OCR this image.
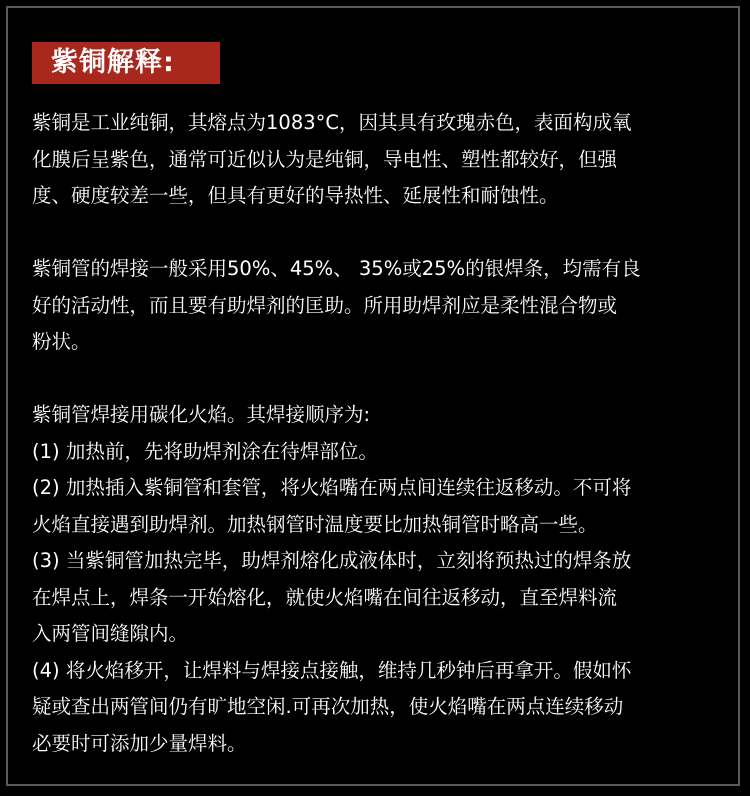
紫铜解释:
紫铜是工业纯铜，其熔点为1083°C，因其具有玫瑰赤色，表面构成氧
化膜后呈紫色，通常可近似认为是纯铜，导电性、塑性都较好，但强
度、硬度较差一些，但具有更好的导热性、延展性和耐蚀性。
紫铜管的焊接一般采用50%、45%、 35%或25%的银焊条，均需有良
好的活动性，而且要有助焊剂的匡助。所用助焊剂应是柔性混合物或
粉状。
紫铜管焊接用碳化火焰。其焊接顺序为:
(1) 加热前，先将助焊剂涂在待焊部位。
(2) 加热插入紫铜管和套管，将火焰嘴在两点间连续往返移动。不可将
火焰直接遇到助焊剂。加热钢管时温度要比加热铜管时略高一些。
(3) 当紫铜管加热完毕，助焊剂熔化成液体时，立刻将预热过的焊条放
在焊点上，焊条一开始熔化，就使火焰嘴在间往返移动，直至焊料流
入两管间缝隙内。
(4) 将火焰移开，让焊料与焊接点接触，维持几秒钟后再拿开。假如怀
疑或查出两管间仍有旷地空闲.可再次加热，使火焰嘴在两点连续移动
必要时可添加少量焊料。
